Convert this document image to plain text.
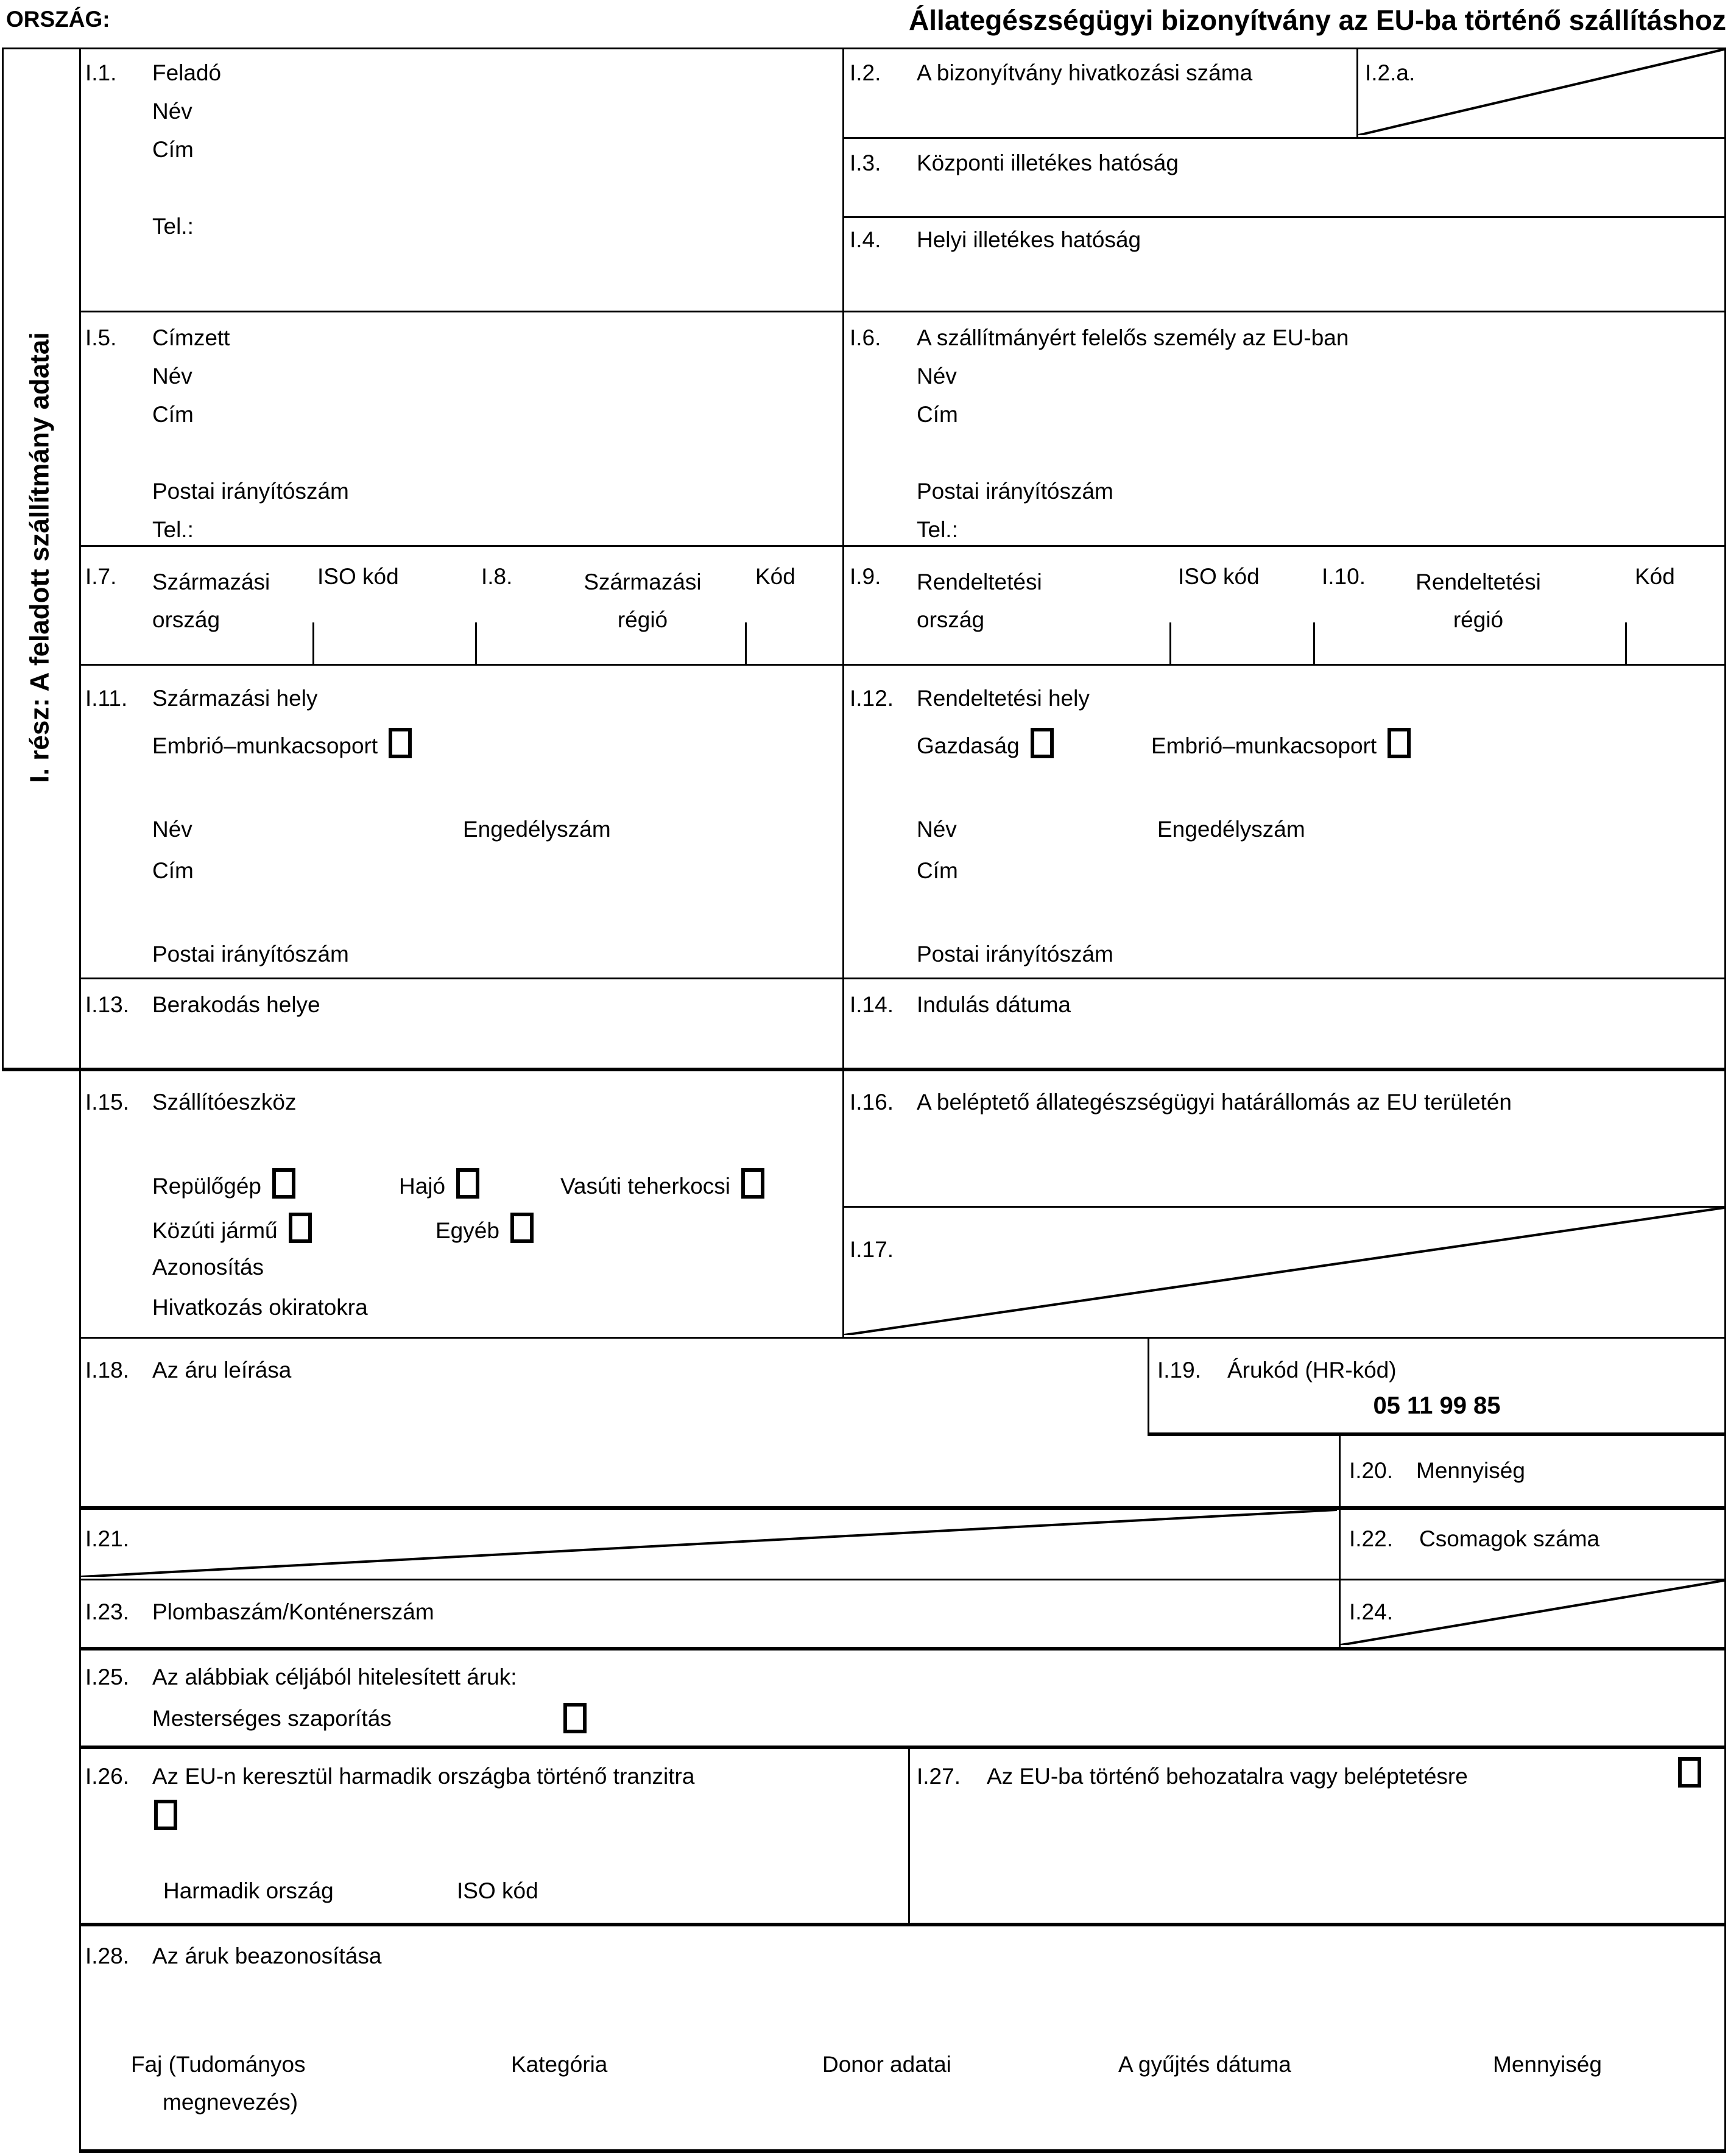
ORSZÁG:	Állategészségügyi bizonyítvány az EU-ba történő szállításhoz
I. rész: A feladott szállítmány adatai
I.1. Feladó
Név
Cím
Tel.:
I.2. A bizonyítvány hivatkozási száma	I.2.a.
I.3. Központi illetékes hatóság
I.4. Helyi illetékes hatóság
I.5. Címzett
Név
Cím
Postai irányítószám
Tel.:
I.6. A szállítmányért felelős személy az EU-ban
Név
Cím
Postai irányítószám
Tel.:
I.7. Származási ország
ISO kód	I.8.	Származási régió
Kód I.9. Rendeltetési ország
ISO kód	I.10.	Rendeltetési régió
Kód
I.11. Származási hely
Embrió–munkacsoport
Név	Engedélyszám
Cím
Postai irányítószám
I.12. Rendeltetési hely
Gazdaság	Embrió–munkacsoport
Név	Engedélyszám
Cím
Postai irányítószám
I.13. Berakodás helye	I.14. Indulás dátuma
I.15. Szállítóeszköz
Repülőgép	Hajó	Vasúti teherkocsi
Közúti jármű	Egyéb
Azonosítás
Hivatkozás okiratokra
I.16. A beléptető állategészségügyi határállomás az EU területén
I.17.
I.18. Az áru leírása	I.19. Árukód (HR-kód)
05 11 99 85
I.20. Mennyiség
I.21.	I.22. Csomagok száma
I.23. Plombaszám/Konténerszám	I.24.
I.25. Az alábbiak céljából hitelesített áruk:
Mesterséges szaporítás
I.26. Az EU-n keresztül harmadik országba történő tranzitra
Harmadik ország	ISO kód
I.27. Az EU-ba történő behozatalra vagy beléptetésre
I.28. Az áruk beazonosítása
Faj (Tudományos
megnevezés)
Kategória	Donor adatai	A gyűjtés dátuma	Mennyiség
